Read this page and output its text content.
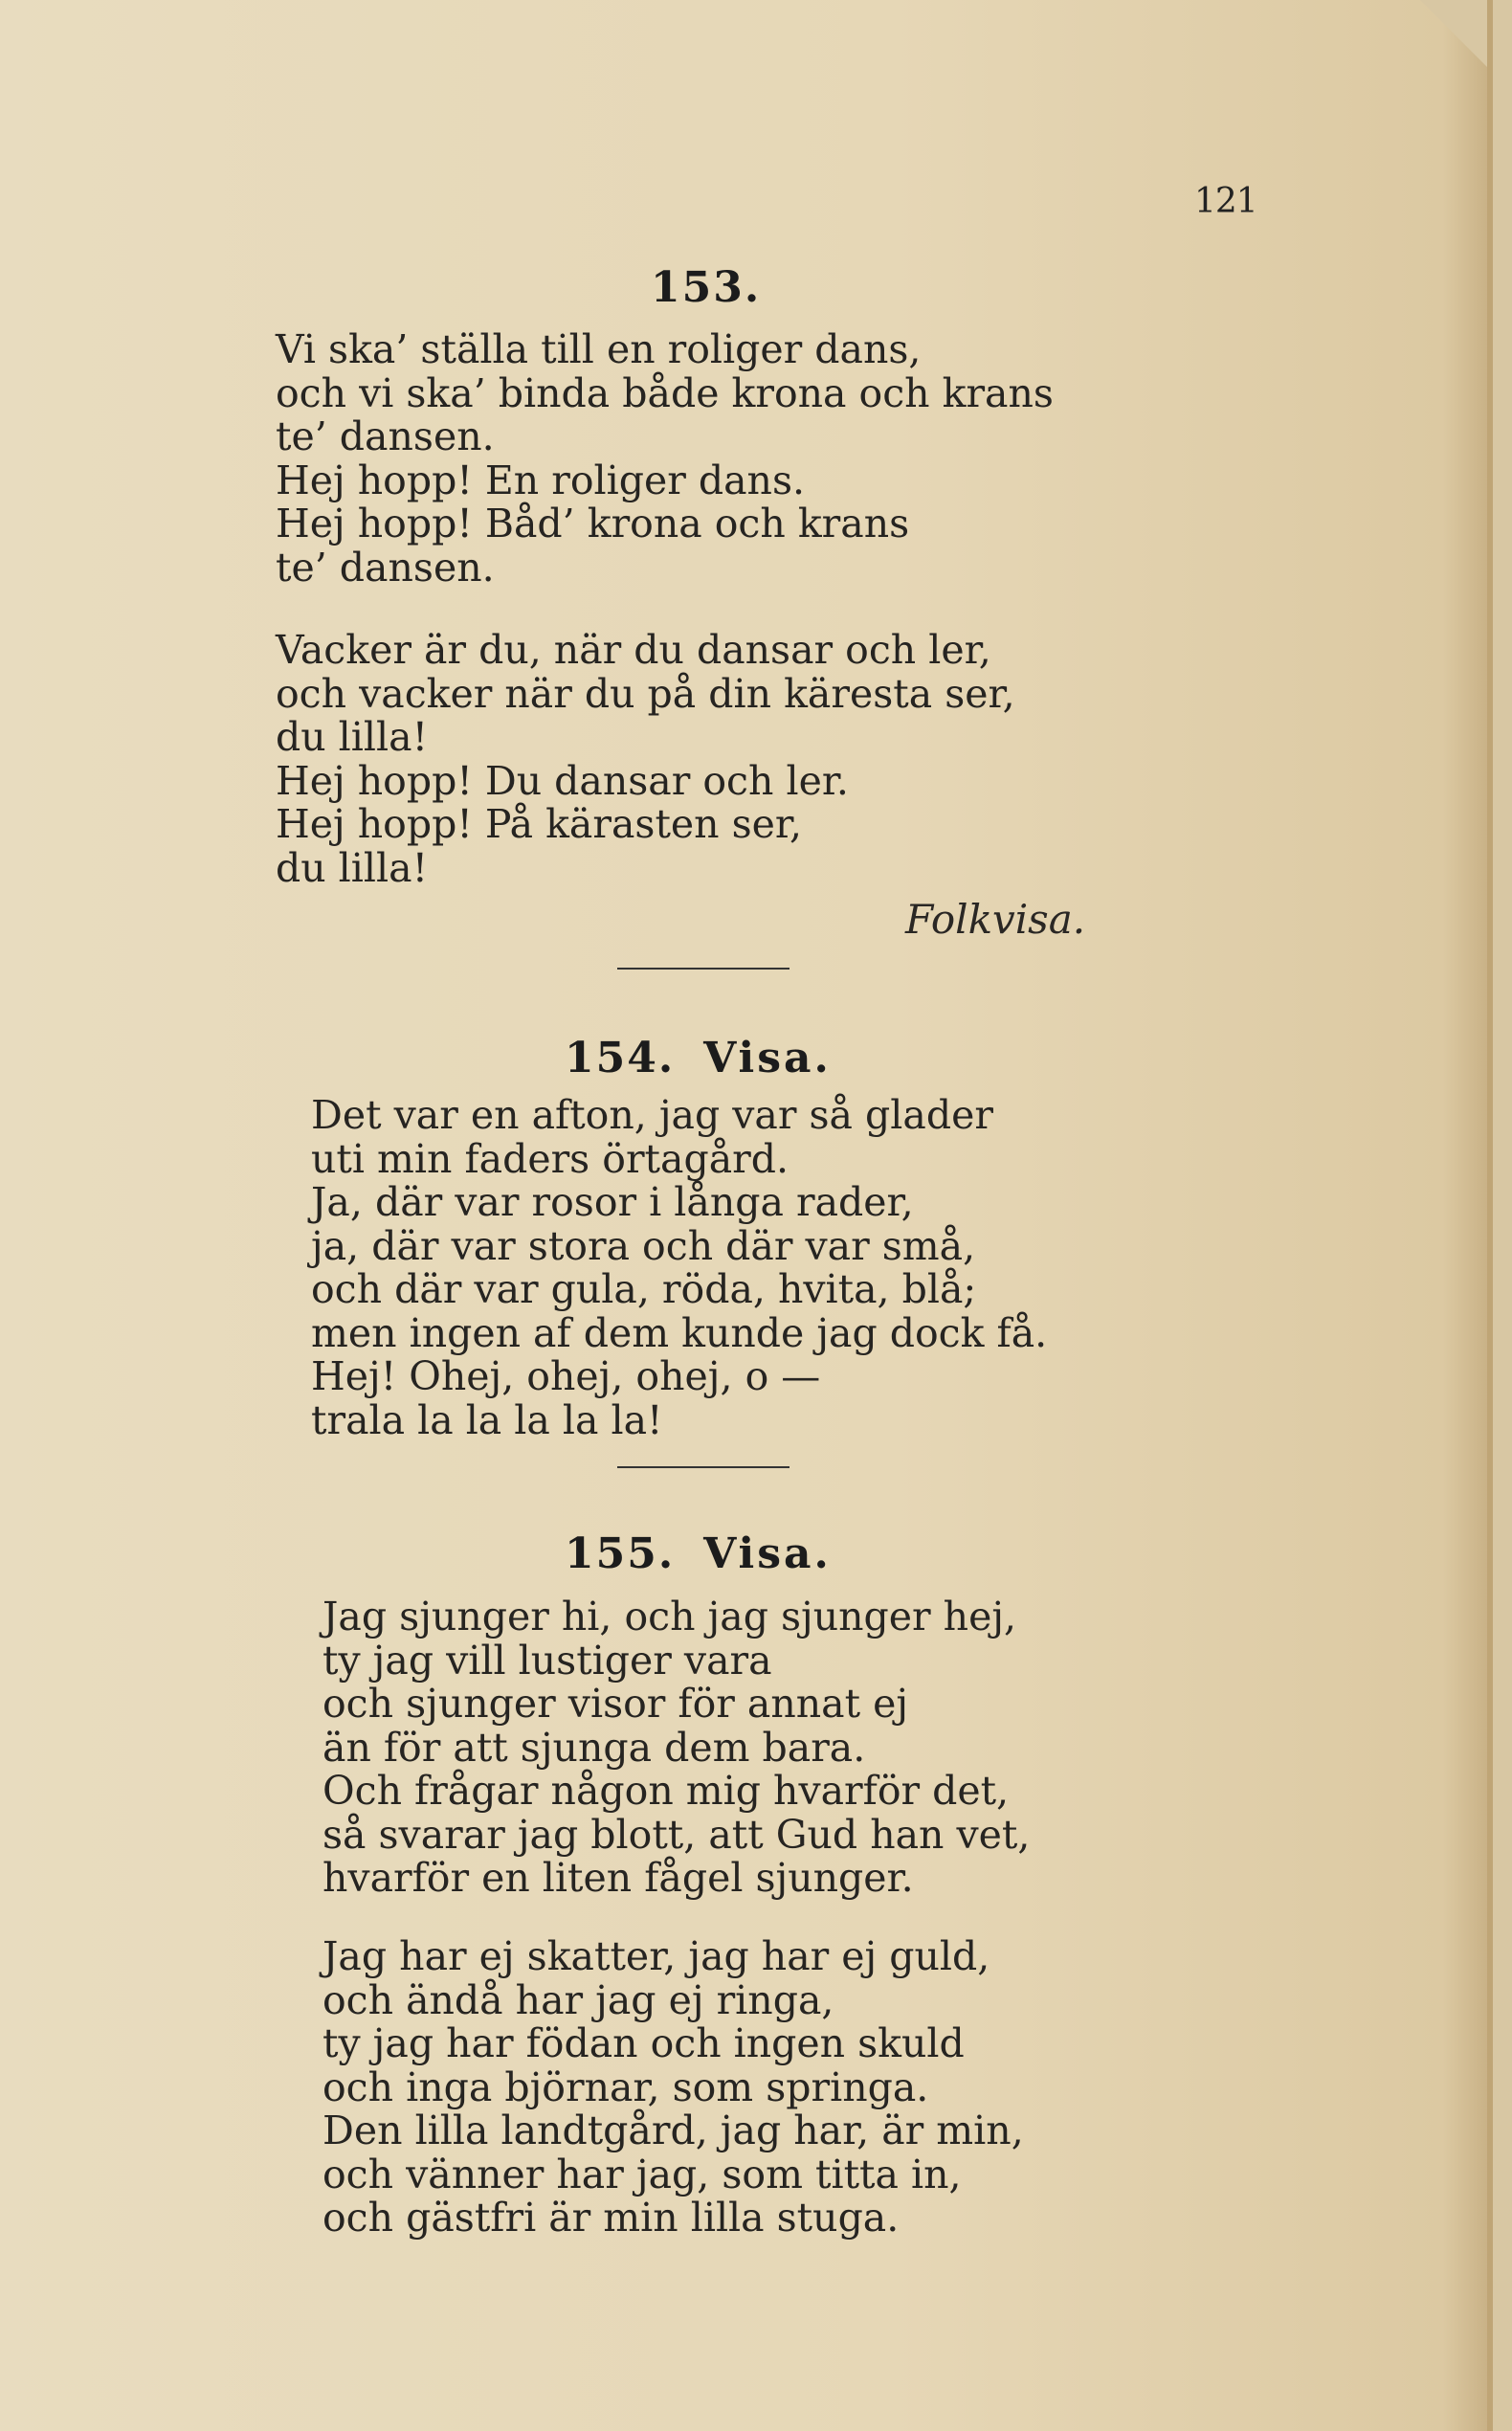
121
153.
Vi ska’ ställa till en roliger dans,
och vi ska’ binda både krona och krans
te’ dansen.
Hej hopp! En roliger dans.
Hej hopp! Båd’ krona och krans
te’ dansen.
Vacker är du, när du dansar och ler,
och vacker när du på din käresta ser,
du lilla!
Hej hopp! Du dansar och ler.
Hej hopp! På kärasten ser,
du lilla!
Folkvisa.
154. Visa.
Det var en afton, jag var så glader
uti min faders örtagård.
Ja, där var rosor i långa rader,
ja, där var stora och där var små,
och där var gula, röda, hvita, blå;
men ingen af dem kunde jag dock få.
Hej! Ohej, ohej, ohej, o —
trala la la la la la!
155. Visa.
Jag sjunger hi, och jag sjunger hej,
ty jag vill lustiger vara
och sjunger visor för annat ej
än för att sjunga dem bara.
Och frågar någon mig hvarför det,
så svarar jag blott, att Gud han vet,
hvarför en liten fågel sjunger.
Jag har ej skatter, jag har ej guld,
och ändå har jag ej ringa,
ty jag har födan och ingen skuld
och inga björnar, som springa.
Den lilla landtgård, jag har, är min,
och vänner har jag, som titta in,
och gästfri är min lilla stuga.
